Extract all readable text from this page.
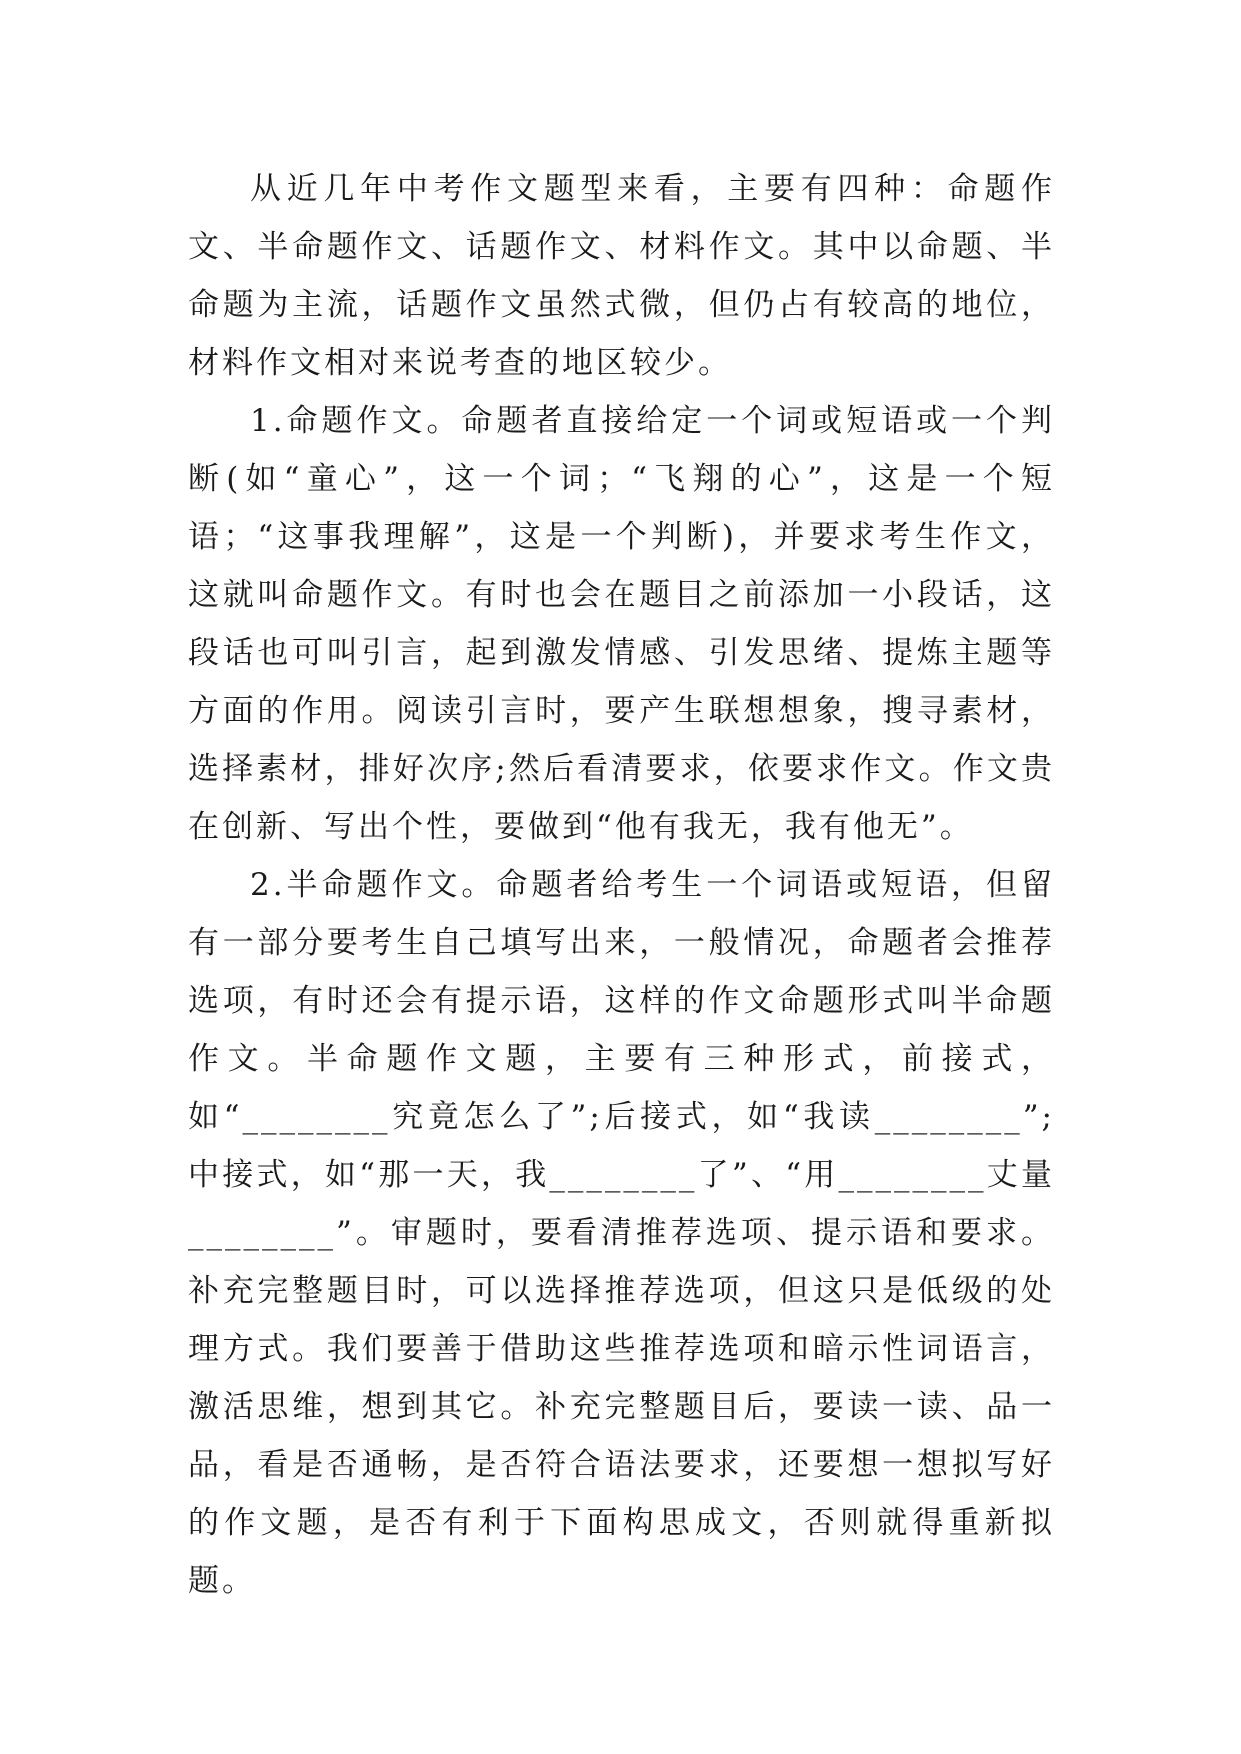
从近几年中考作文题型来看，主要有四种：命题作文、半命题作文、话题作文、材料作文。其中以命题、半命题为主流，话题作文虽然式微，但仍占有较高的地位，材料作文相对来说考查的地区较少。

1.命题作文。命题者直接给定一个词或短语或一个判断(如“童心”，这一个词；“飞翔的心”，这是一个短语；“这事我理解”，这是一个判断)，并要求考生作文，这就叫命题作文。有时也会在题目之前添加一小段话，这段话也可叫引言，起到激发情感、引发思绪、提炼主题等方面的作用。阅读引言时，要产生联想想象，搜寻素材，选择素材，排好次序;然后看清要求，依要求作文。作文贵在创新、写出个性，要做到“他有我无，我有他无”。

2.半命题作文。命题者给考生一个词语或短语，但留有一部分要考生自己填写出来，一般情况，命题者会推荐选项，有时还会有提示语，这样的作文命题形式叫半命题作文。半命题作文题，主要有三种形式，前接式，如“________究竟怎么了”;后接式，如“我读________”;中接式，如“那一天，我________了”、“用________丈量________”。审题时，要看清推荐选项、提示语和要求。补充完整题目时，可以选择推荐选项，但这只是低级的处理方式。我们要善于借助这些推荐选项和暗示性词语言，激活思维，想到其它。补充完整题目后，要读一读、品一品，看是否通畅，是否符合语法要求，还要想一想拟写好的作文题，是否有利于下面构思成文，否则就得重新拟题。
